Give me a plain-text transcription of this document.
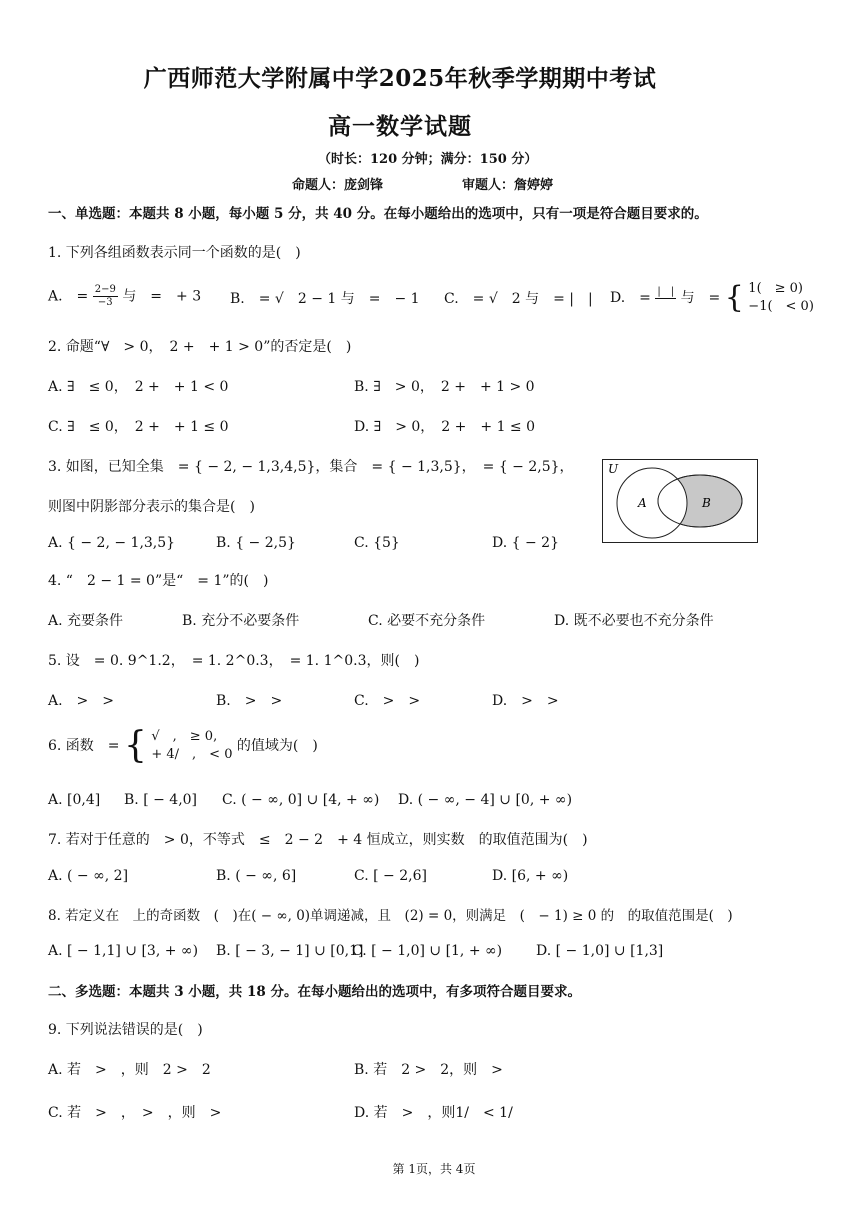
广西师范大学附属中学2025年秋季学期期中考试
高一数学试题
（时长：120 分钟；满分：150 分）
命题人：庞剑锋	审题人：詹婷婷
一、单选题：本题共 8 小题，每小题 5 分，共 40 分。在每小题给出的选项中，只有一项是符合题目要求的。
1. 下列各组函数表示同一个函数的是(　)
A.　= $\frac{2-9}{-3}$ 与　=　+ 3 B.　= √　2 − 1 与　=　− 1 C.　= √　2 与　= |　| D.　= |　|
与　= { 1(　≥ 0)
−1(　< 0)
2. 命题“∀　> 0，　2 +　+ 1 > 0”的否定是(　)
A. ∃　≤ 0，　2 +　+ 1 < 0	B. ∃　> 0，　2 +　+ 1 > 0
C. ∃　≤ 0，　2 +　+ 1 ≤ 0	D. ∃　> 0，　2 +　+ 1 ≤ 0
3. 如图，已知全集　= { − 2, − 1,3,4,5}，集合　= { − 1,3,5}，　= { − 2,5}，
则图中阴影部分表示的集合是(　)
A. { − 2, − 1,3,5}	B. { − 2,5}	C. {5}	D. { − 2}
U
A	B
4. “　2 − 1 = 0”是“　= 1”的(　)
A. 充要条件	B. 充分不必要条件	C. 必要不充分条件	D. 既不必要也不充分条件
5. 设　= 0. 9^1.2，　= 1. 2^0.3，　= 1. 1^0.3，则(　)
A.　>　>	B.　>　>	C.　>　>	D.　>　>
6. 函数　= { √　,　≥ 0,
+ 4/　,　< 0
的值域为(　)
A. [0,4] B. [ − 4,0] C. ( − ∞, 0] ∪ [4, + ∞) D. ( − ∞, − 4] ∪ [0, + ∞)
7. 若对于任意的　> 0，不等式　≤　2 − 2　+ 4 恒成立，则实数　的取值范围为(　)
A. ( − ∞, 2]	B. ( − ∞, 6]	C. [ − 2,6]	D. [6, + ∞)
8. 若定义在　上的奇函数　(　)在( − ∞, 0)单调递减，且　(2) = 0，则满足　(　− 1) ≥ 0 的　的取值范围是(　)
A. [ − 1,1] ∪ [3, + ∞) B. [ − 3, − 1] ∪ [0,1]
C. [ − 1,0] ∪ [1, + ∞) D. [ − 1,0] ∪ [1,3]
二、多选题：本题共 3 小题，共 18 分。在每小题给出的选项中，有多项符合题目要求。
9. 下列说法错误的是(　)
A. 若　>　，则　2 >　2	B. 若　2 >　2，则　>
C. 若　>　，　>　，则　>	D. 若　>　，则1/　< 1/
第 1页，共 4页
